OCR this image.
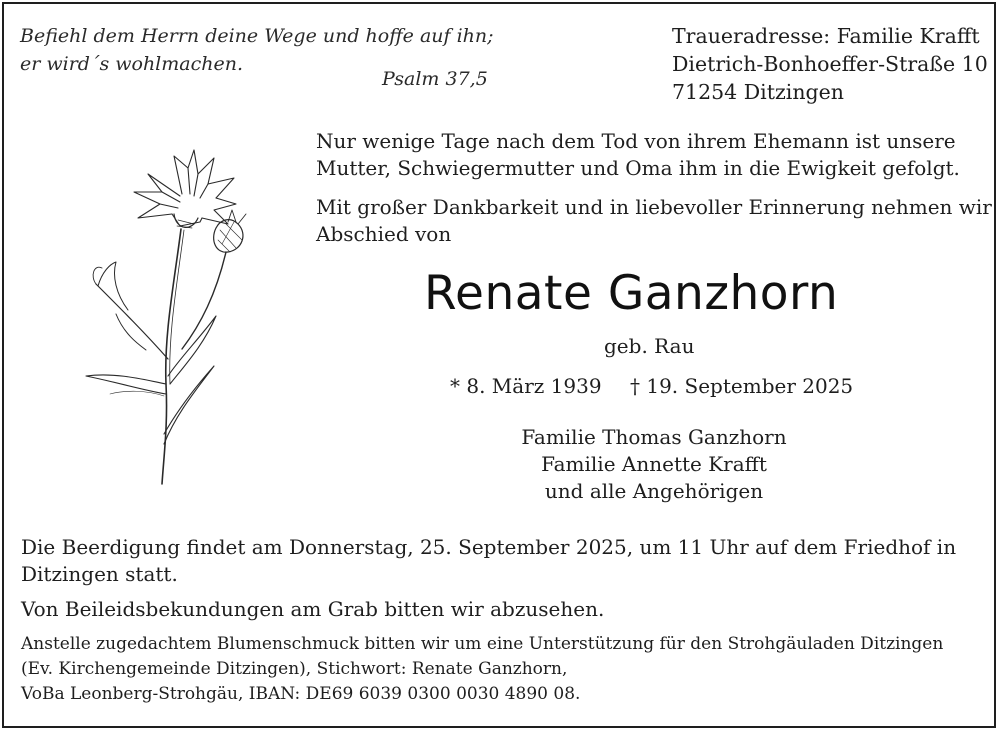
Befiehl dem Herrn deine Wege und hoffe auf ihn;
er wird´s wohlmachen.
Psalm 37,5
Traueradresse: Familie Krafft
Dietrich-Bonhoeffer-Straße 10
71254 Ditzingen
Nur wenige Tage nach dem Tod von ihrem Ehemann ist unsere
Mutter, Schwiegermutter und Oma ihm in die Ewigkeit gefolgt.
Mit großer Dankbarkeit und in liebevoller Erinnerung nehmen wir
Abschied von
Renate Ganzhorn
geb. Rau
* 8. März 1939 † 19. September 2025
Familie Thomas Ganzhorn
Familie Annette Krafft
und alle Angehörigen
Die Beerdigung findet am Donnerstag, 25. September 2025, um 11 Uhr auf dem Friedhof in
Ditzingen statt.
Von Beileidsbekundungen am Grab bitten wir abzusehen.
Anstelle zugedachtem Blumenschmuck bitten wir um eine Unterstützung für den Strohgäuladen Ditzingen
(Ev. Kirchengemeinde Ditzingen), Stichwort: Renate Ganzhorn,
VoBa Leonberg-Strohgäu, IBAN: DE69 6039 0300 0030 4890 08.
